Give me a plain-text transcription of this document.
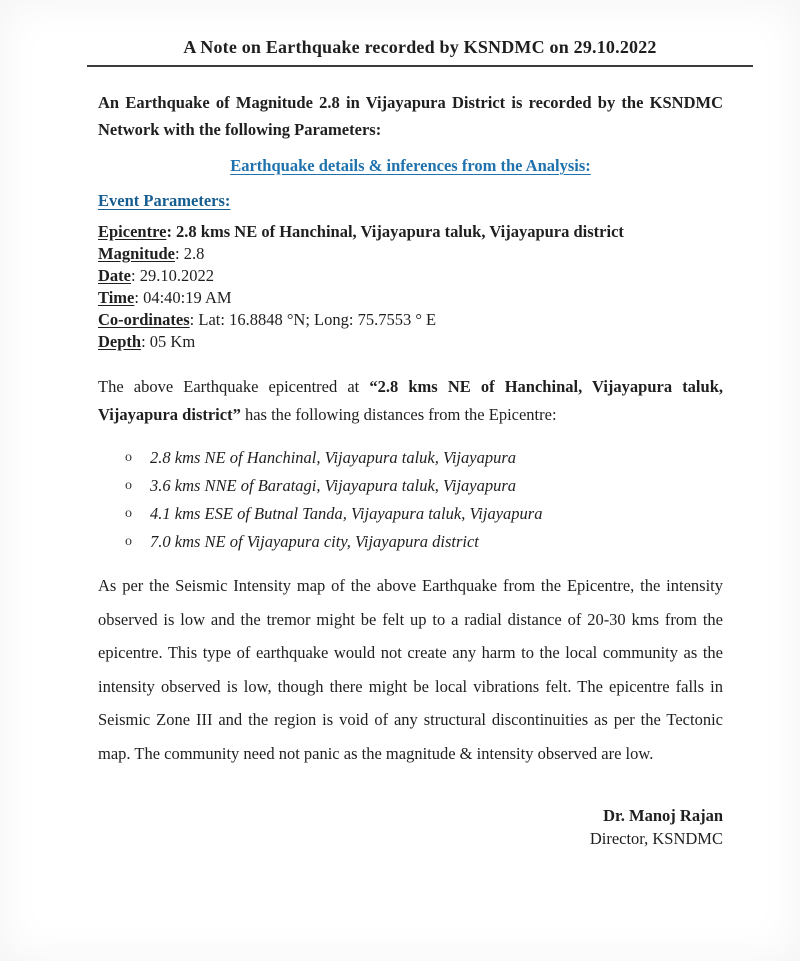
A Note on Earthquake recorded by KSNDMC on 29.10.2022

An Earthquake of Magnitude 2.8 in Vijayapura District is recorded by the KSNDMC Network with the following Parameters:

Earthquake details & inferences from the Analysis:
Event Parameters:
Epicentre: 2.8 kms NE of Hanchinal, Vijayapura taluk, Vijayapura district
Magnitude: 2.8
Date: 29.10.2022
Time: 04:40:19 AM
Co-ordinates: Lat: 16.8848 °N; Long: 75.7553 ° E
Depth: 05 Km

The above Earthquake epicentred at “2.8 kms NE of Hanchinal, Vijayapura taluk, Vijayapura district” has the following distances from the Epicentre:

o	2.8 kms NE of Hanchinal, Vijayapura taluk, Vijayapura
o	3.6 kms NNE of Baratagi, Vijayapura taluk, Vijayapura
o	4.1 kms ESE of Butnal Tanda, Vijayapura taluk, Vijayapura
o	7.0 kms NE of Vijayapura city, Vijayapura district

As per the Seismic Intensity map of the above Earthquake from the Epicentre, the intensity observed is low and the tremor might be felt up to a radial distance of 20-30 kms from the epicentre. This type of earthquake would not create any harm to the local community as the intensity observed is low, though there might be local vibrations felt. The epicentre falls in Seismic Zone III and the region is void of any structural discontinuities as per the Tectonic map. The community need not panic as the magnitude & intensity observed are low.

Dr. Manoj Rajan
Director, KSNDMC
